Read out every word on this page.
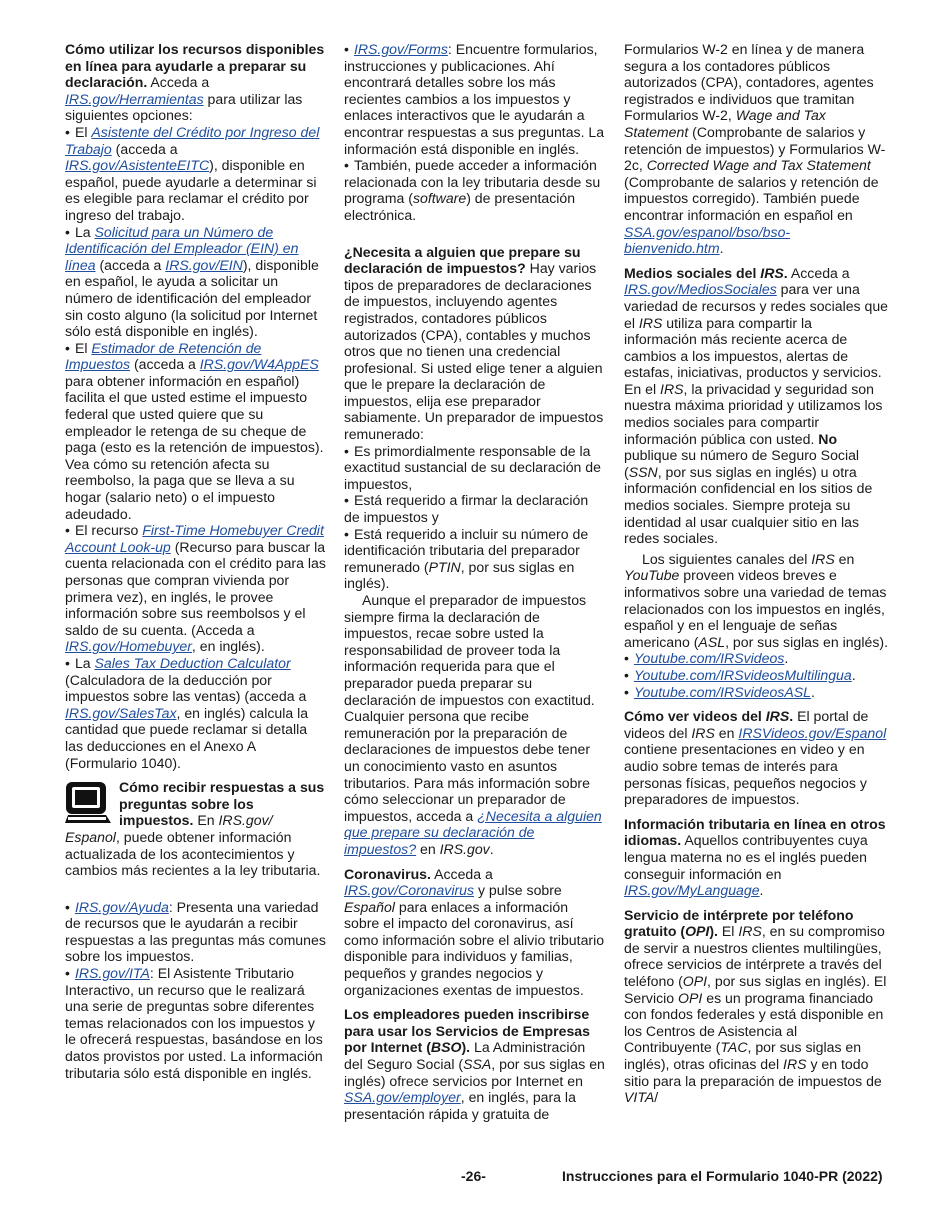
Cómo utilizar los recursos disponibles en línea para ayudarle a preparar su declaración. Acceda a IRS.gov/Herramientas para utilizar las siguientes opciones:

• El Asistente del Crédito por Ingreso del Trabajo (acceda a IRS.gov/AsistenteEITC), disponible en español, puede ayudarle a determinar si es elegible para reclamar el crédito por ingreso del trabajo.

• La Solicitud para un Número de Identificación del Empleador (EIN) en línea (acceda a IRS.gov/EIN), disponible en español, le ayuda a solicitar un número de identificación del empleador sin costo alguno (la solicitud por Internet sólo está disponible en inglés).

• El Estimador de Retención de Impuestos (acceda a IRS.gov/W4AppES para obtener información en español) facilita el que usted estime el impuesto federal que usted quiere que su empleador le retenga de su cheque de paga (esto es la retención de impuestos). Vea cómo su retención afecta su reembolso, la paga que se lleva a su hogar (salario neto) o el impuesto adeudado.

• El recurso First-Time Homebuyer Credit Account Look-up (Recurso para buscar la cuenta relacionada con el crédito para las personas que compran vivienda por primera vez), en inglés, le provee información sobre sus reembolsos y el saldo de su cuenta. (Acceda a IRS.gov/Homebuyer, en inglés).

• La Sales Tax Deduction Calculator (Calculadora de la deducción por impuestos sobre las ventas) (acceda a IRS.gov/SalesTax, en inglés) calcula la cantidad que puede reclamar si detalla las deducciones en el Anexo A (Formulario 1040).

Cómo recibir respuestas a sus preguntas sobre los impuestos. En IRS.gov/ Espanol, puede obtener información actualizada de los acontecimientos y cambios más recientes a la ley tributaria.

• IRS.gov/Ayuda: Presenta una variedad de recursos que le ayudarán a recibir respuestas a las preguntas más comunes sobre los impuestos.

• IRS.gov/ITA: El Asistente Tributario Interactivo, un recurso que le realizará una serie de preguntas sobre diferentes temas relacionados con los impuestos y le ofrecerá respuestas, basándose en los datos provistos por usted. La información tributaria sólo está disponible en inglés.

• IRS.gov/Forms: Encuentre formularios, instrucciones y publicaciones. Ahí encontrará detalles sobre los más recientes cambios a los impuestos y enlaces interactivos que le ayudarán a encontrar respuestas a sus preguntas. La información está disponible en inglés.

• También, puede acceder a información relacionada con la ley tributaria desde su programa (software) de presentación electrónica.

¿Necesita a alguien que prepare su declaración de impuestos? Hay varios tipos de preparadores de declaraciones de impuestos, incluyendo agentes registrados, contadores públicos autorizados (CPA), contables y muchos otros que no tienen una credencial profesional. Si usted elige tener a alguien que le prepare la declaración de impuestos, elija ese preparador sabiamente. Un preparador de impuestos remunerado:

• Es primordialmente responsable de la exactitud sustancial de su declaración de impuestos,

• Está requerido a firmar la declaración de impuestos y

• Está requerido a incluir su número de identificación tributaria del preparador remunerado (PTIN, por sus siglas en inglés).

Aunque el preparador de impuestos siempre firma la declaración de impuestos, recae sobre usted la responsabilidad de proveer toda la información requerida para que el preparador pueda preparar su declaración de impuestos con exactitud. Cualquier persona que recibe remuneración por la preparación de declaraciones de impuestos debe tener un conocimiento vasto en asuntos tributarios. Para más información sobre cómo seleccionar un preparador de impuestos, acceda a ¿Necesita a alguien que prepare su declaración de impuestos? en IRS.gov.

Coronavirus. Acceda a IRS.gov/Coronavirus y pulse sobre Español para enlaces a información sobre el impacto del coronavirus, así como información sobre el alivio tributario disponible para individuos y familias, pequeños y grandes negocios y organizaciones exentas de impuestos.

Los empleadores pueden inscribirse para usar los Servicios de Empresas por Internet (BSO). La Administración del Seguro Social (SSA, por sus siglas en inglés) ofrece servicios por Internet en SSA.gov/employer, en inglés, para la presentación rápida y gratuita de

Formularios W-2 en línea y de manera segura a los contadores públicos autorizados (CPA), contadores, agentes registrados e individuos que tramitan Formularios W-2, Wage and Tax Statement (Comprobante de salarios y retención de impuestos) y Formularios W-2c, Corrected Wage and Tax Statement (Comprobante de salarios y retención de impuestos corregido). También puede encontrar información en español en SSA.gov/espanol/bso/bso-bienvenido.htm.

Medios sociales del IRS. Acceda a IRS.gov/MediosSociales para ver una variedad de recursos y redes sociales que el IRS utiliza para compartir la información más reciente acerca de cambios a los impuestos, alertas de estafas, iniciativas, productos y servicios. En el IRS, la privacidad y seguridad son nuestra máxima prioridad y utilizamos los medios sociales para compartir información pública con usted. No publique su número de Seguro Social (SSN, por sus siglas en inglés) u otra información confidencial en los sitios de medios sociales. Siempre proteja su identidad al usar cualquier sitio en las redes sociales.

Los siguientes canales del IRS en YouTube proveen videos breves e informativos sobre una variedad de temas relacionados con los impuestos en inglés, español y en el lenguaje de señas americano (ASL, por sus siglas en inglés).

• Youtube.com/IRSvideos.

• Youtube.com/IRSvideosMultilingua.

• Youtube.com/IRSvideosASL.

Cómo ver videos del IRS. El portal de videos del IRS en IRSVideos.gov/Espanol contiene presentaciones en video y en audio sobre temas de interés para personas físicas, pequeños negocios y preparadores de impuestos.

Información tributaria en línea en otros idiomas. Aquellos contribuyentes cuya lengua materna no es el inglés pueden conseguir información en IRS.gov/MyLanguage.

Servicio de intérprete por teléfono gratuito (OPI). El IRS, en su compromiso de servir a nuestros clientes multilingües, ofrece servicios de intérprete a través del teléfono (OPI, por sus siglas en inglés). El Servicio OPI es un programa financiado con fondos federales y está disponible en los Centros de Asistencia al Contribuyente (TAC, por sus siglas en inglés), otras oficinas del IRS y en todo sitio para la preparación de impuestos de VITA/

-26-	Instrucciones para el Formulario 1040-PR (2022)
